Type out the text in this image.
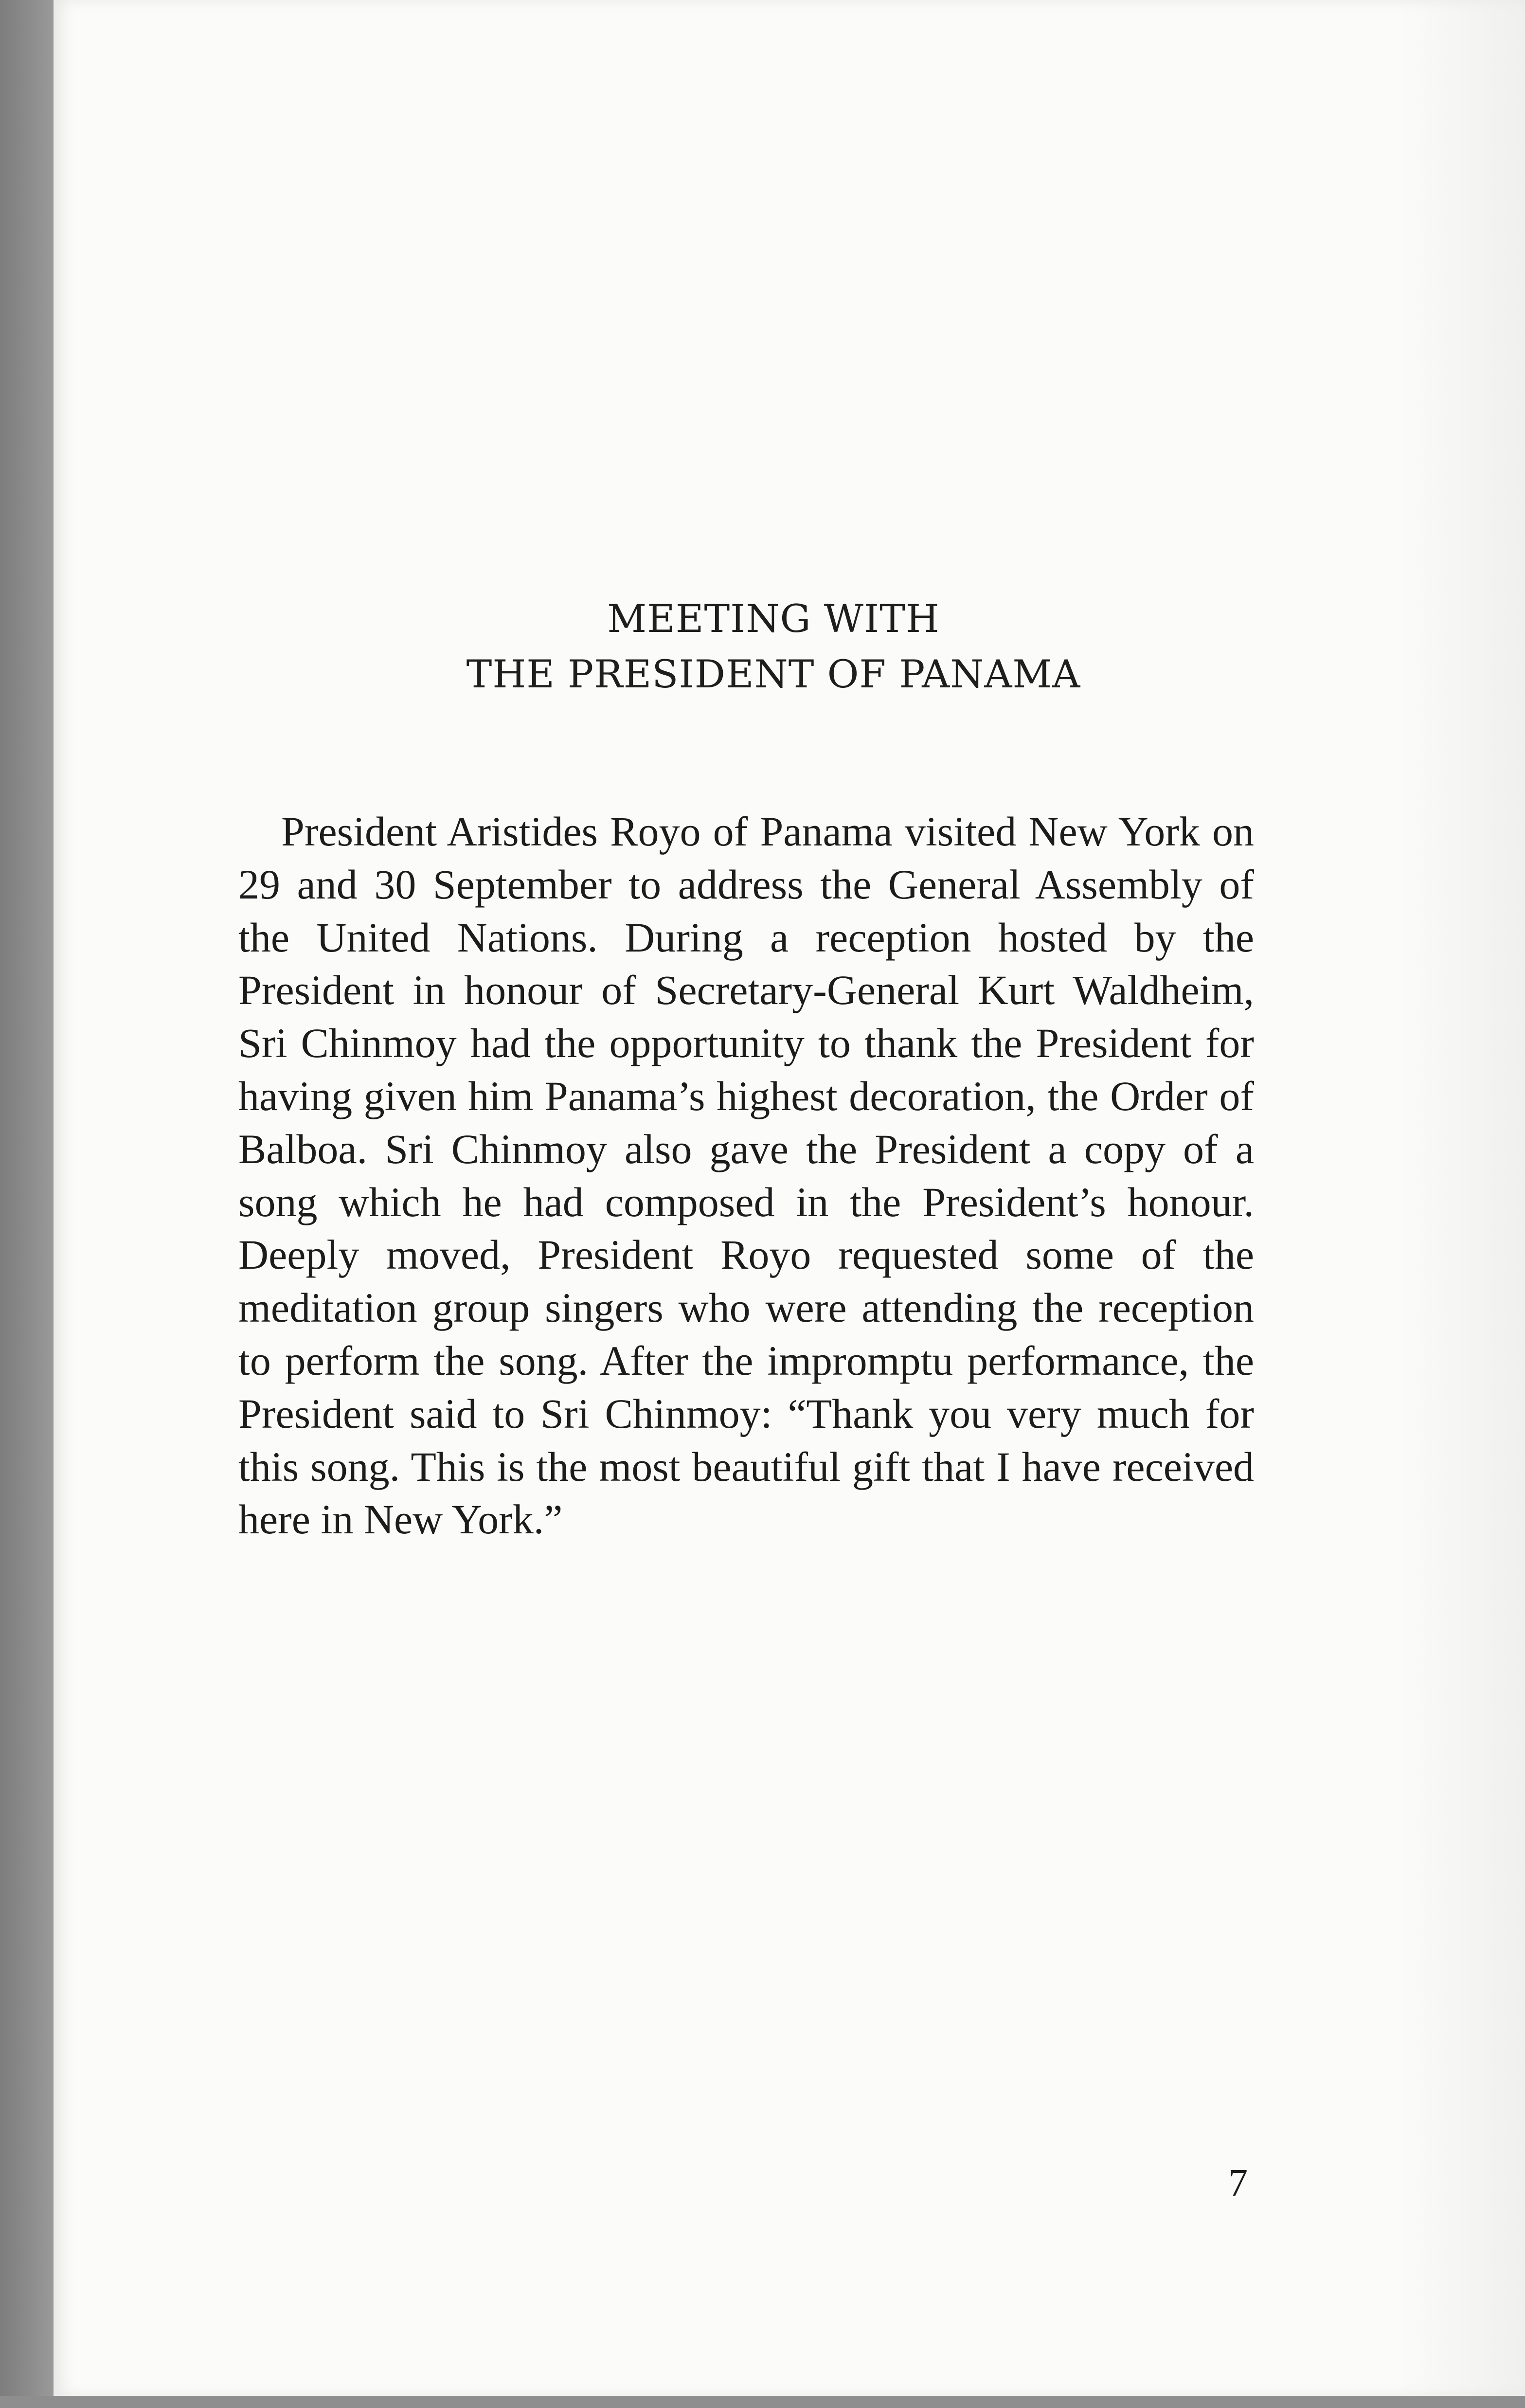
MEETING WITH
THE PRESIDENT OF PANAMA

President Aristides Royo of Panama visited New York on 29 and 30 September to address the General Assembly of the United Nations. During a reception hosted by the President in honour of Secretary-General Kurt Waldheim, Sri Chinmoy had the opportunity to thank the President for having given him Panama’s highest decoration, the Order of Balboa. Sri Chinmoy also gave the President a copy of a song which he had composed in the President’s honour. Deeply moved, President Royo requested some of the meditation group singers who were attending the reception to perform the song. After the impromptu performance, the President said to Sri Chinmoy: “Thank you very much for this song. This is the most beautiful gift that I have received here in New York.”

7
